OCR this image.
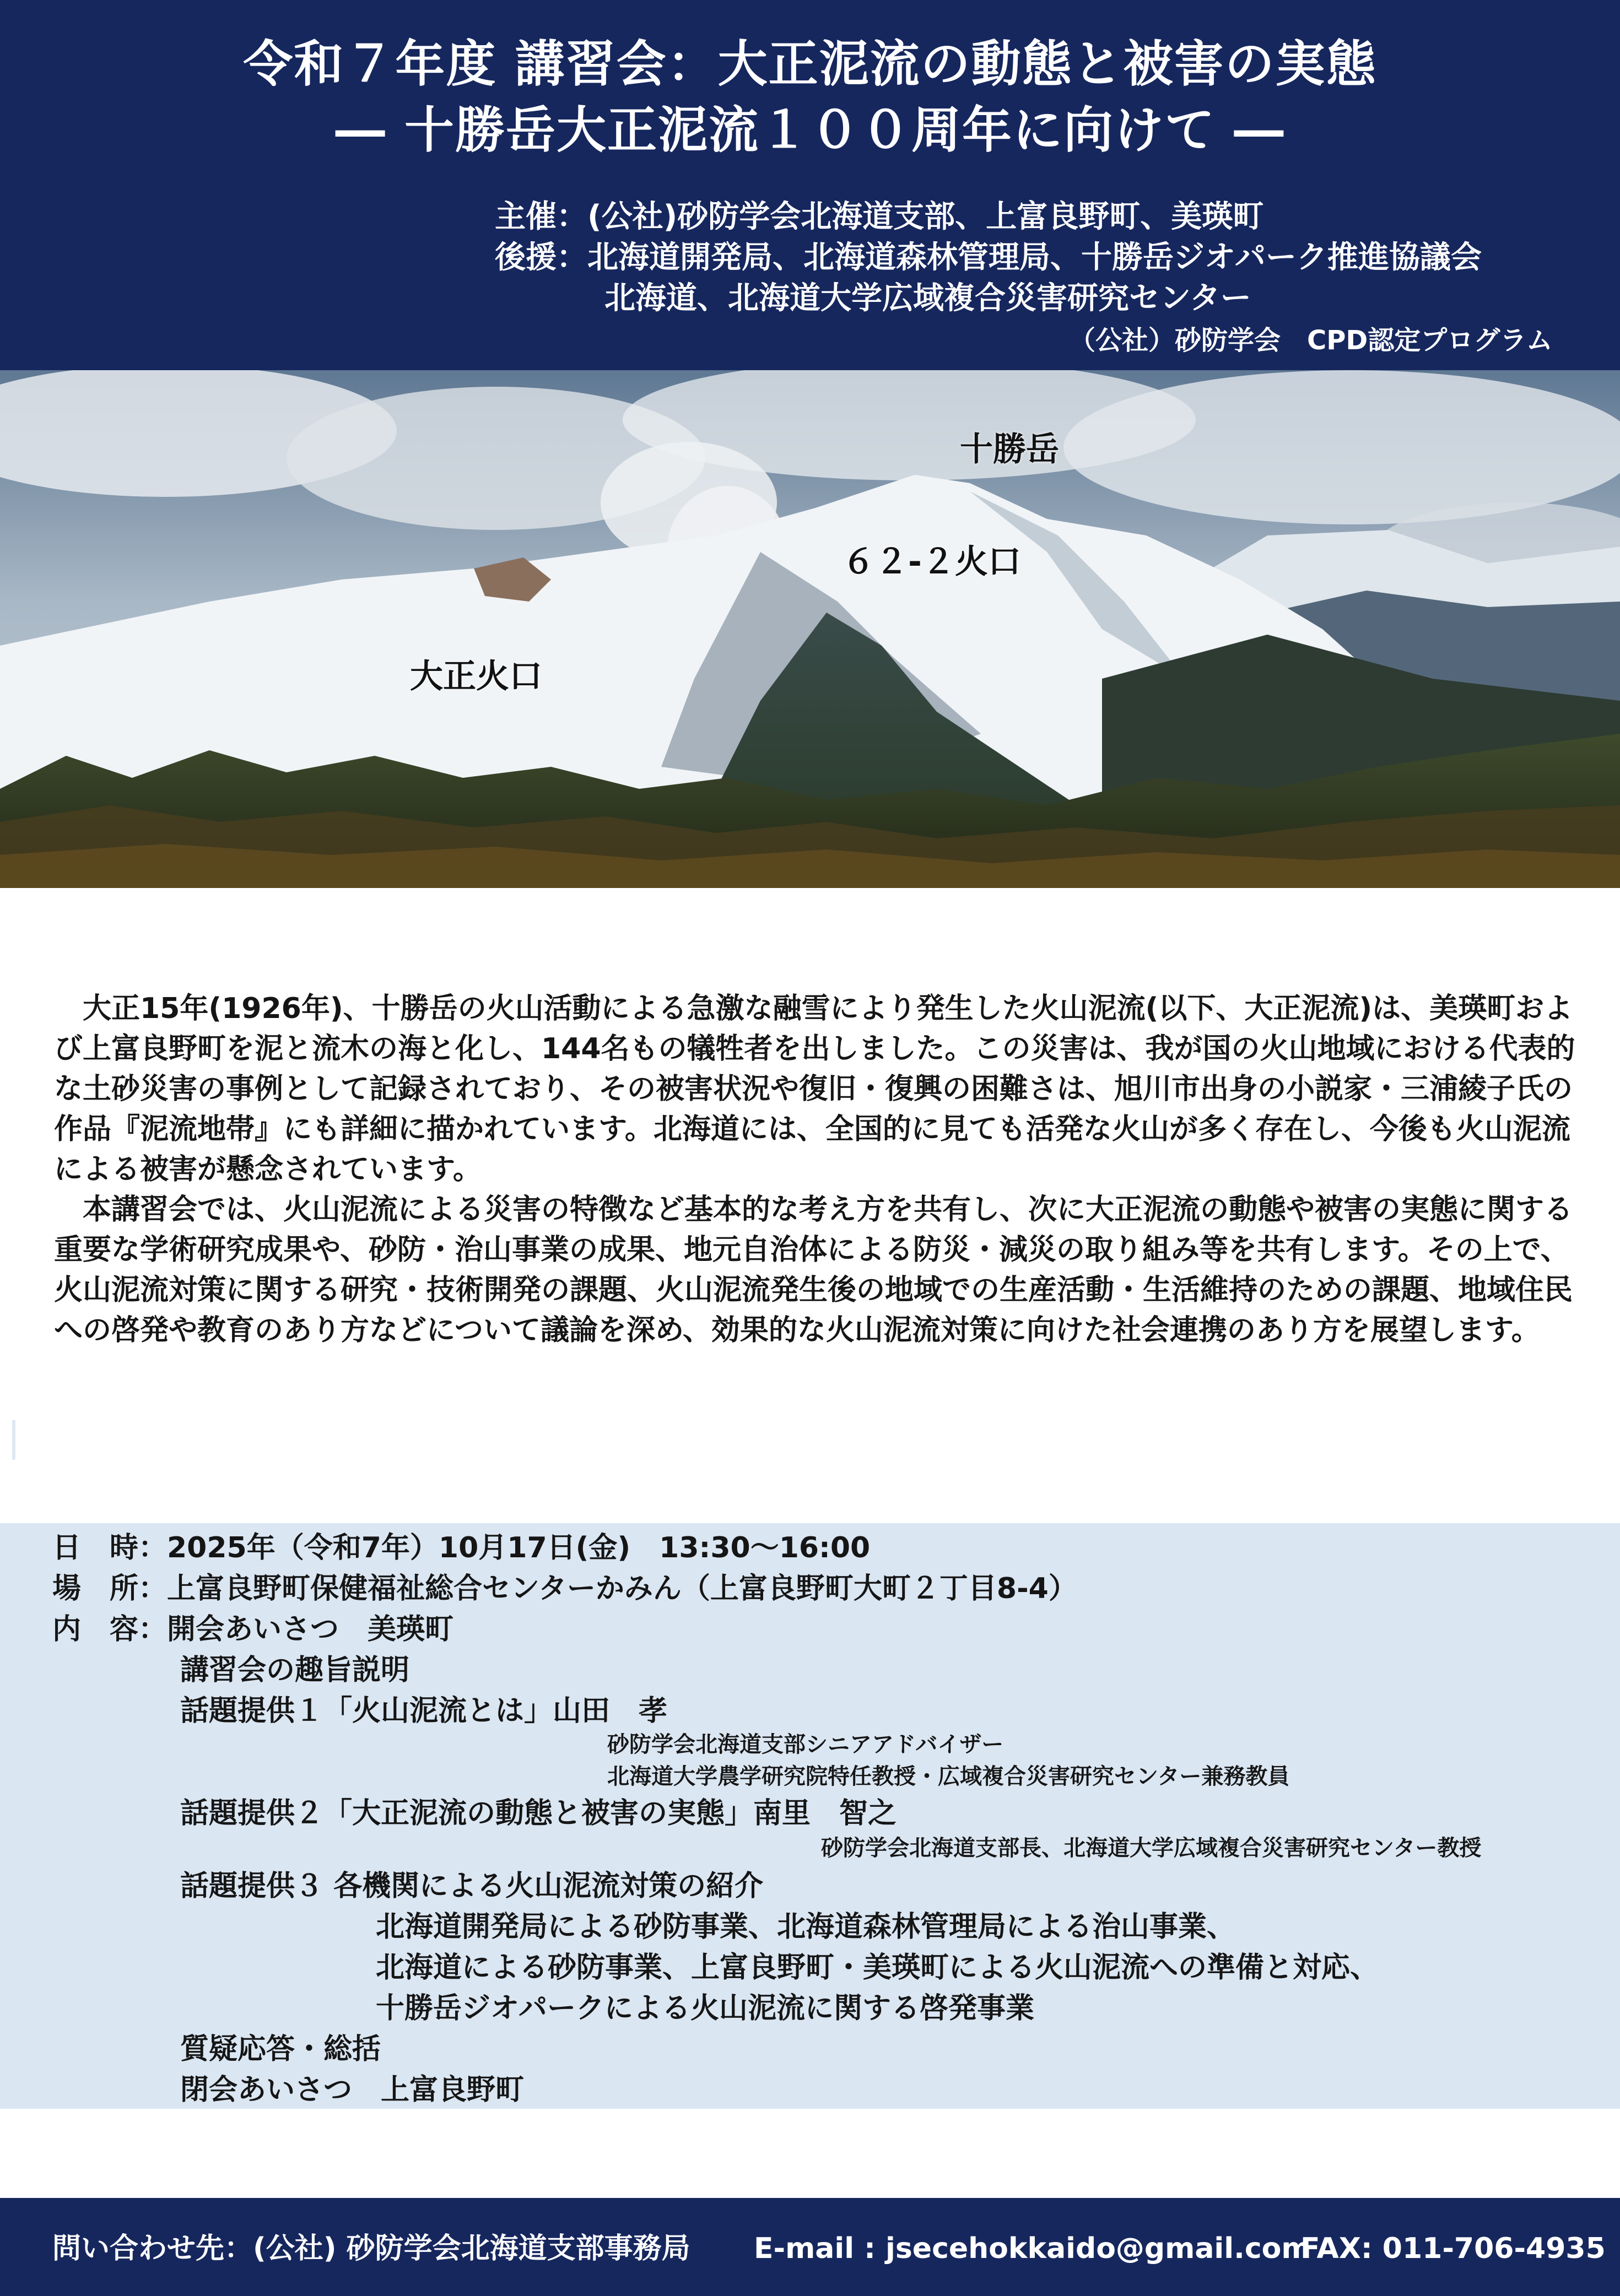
令和７年度 講習会：大正泥流の動態と被害の実態
― 十勝岳大正泥流１００周年に向けて ―
主催：(公社)砂防学会北海道支部、上富良野町、美瑛町
後援：北海道開発局、北海道森林管理局、十勝岳ジオパーク推進協議会
北海道、北海道大学広域複合災害研究センター
（公社）砂防学会　CPD認定プログラム
十勝岳
６２-２火口
大正火口

大正15年(1926年)、十勝岳の火山活動による急激な融雪により発生した火山泥流(以下、大正泥流)は、美瑛町および上富良野町を泥と流木の海と化し、144名もの犠牲者を出しました。この災害は、我が国の火山地域における代表的な土砂災害の事例として記録されており、その被害状況や復旧・復興の困難さは、旭川市出身の小説家・三浦綾子氏の作品『泥流地帯』にも詳細に描かれています。北海道には、全国的に見ても活発な火山が多く存在し、今後も火山泥流による被害が懸念されています。

本講習会では、火山泥流による災害の特徴など基本的な考え方を共有し、次に大正泥流の動態や被害の実態に関する重要な学術研究成果や、砂防・治山事業の成果、地元自治体による防災・減災の取り組み等を共有します。その上で、火山泥流対策に関する研究・技術開発の課題、火山泥流発生後の地域での生産活動・生活維持のための課題、地域住民への啓発や教育のあり方などについて議論を深め、効果的な火山泥流対策に向けた社会連携のあり方を展望します。

日　時：2025年（令和7年）10月17日(金)　13:30～16:00
場　所：上富良野町保健福祉総合センターかみん（上富良野町大町２丁目8-4）
内　容：開会あいさつ　美瑛町
講習会の趣旨説明
話題提供１「火山泥流とは」山田　孝
砂防学会北海道支部シニアアドバイザー
北海道大学農学研究院特任教授・広域複合災害研究センター兼務教員
話題提供２「大正泥流の動態と被害の実態」南里　智之
砂防学会北海道支部長、北海道大学広域複合災害研究センター教授
話題提供３ 各機関による火山泥流対策の紹介
北海道開発局による砂防事業、北海道森林管理局による治山事業、
北海道による砂防事業、上富良野町・美瑛町による火山泥流への準備と対応、
十勝岳ジオパークによる火山泥流に関する啓発事業
質疑応答・総括
閉会あいさつ　上富良野町
問い合わせ先：(公社) 砂防学会北海道支部事務局 E-mail : jsecehokkaido@gmail.com
FAX: 011-706-4935
